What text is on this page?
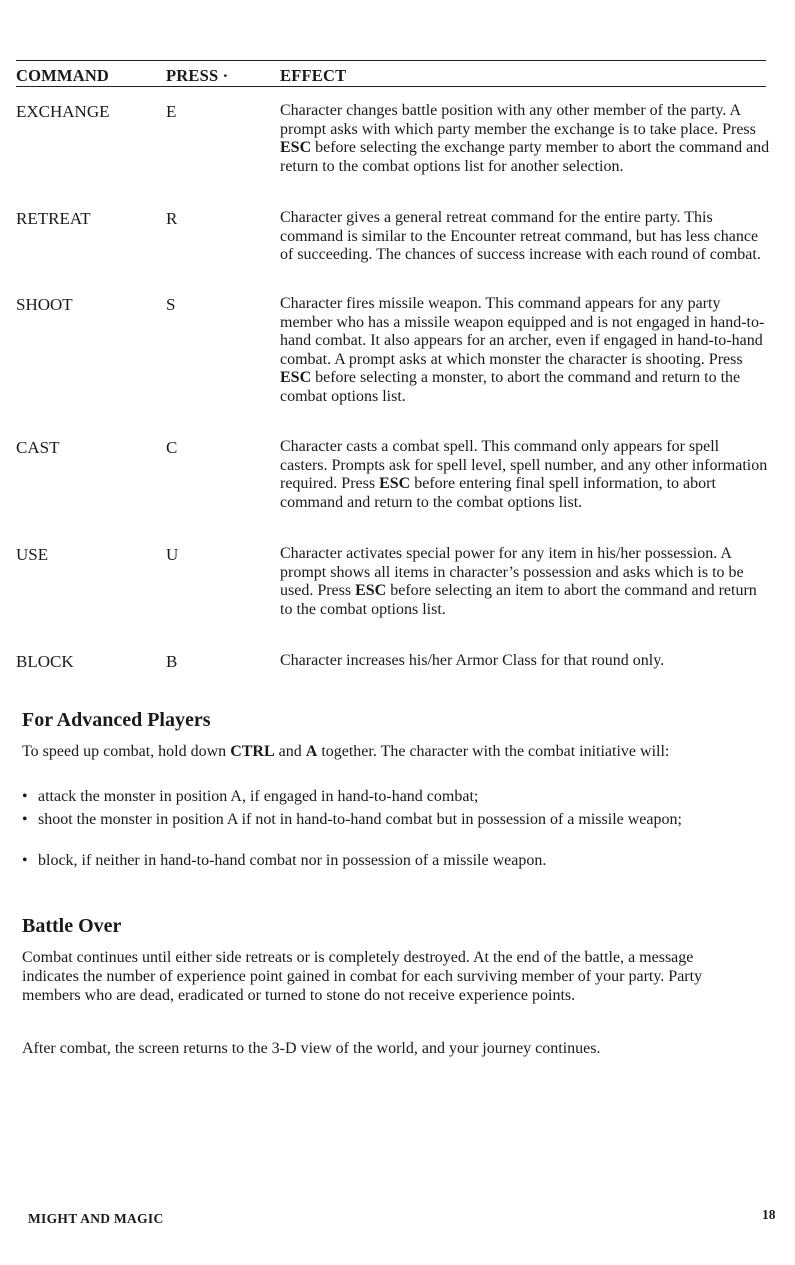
COMMAND	PRESS ·	EFFECT
EXCHANGE	E	Character changes battle position with any other member of the party. A prompt asks with which party member the exchange is to take place. Press ESC before selecting the exchange party member to abort the command and return to the combat options list for another selection.
RETREAT	R	Character gives a general retreat command for the entire party. This command is similar to the Encounter retreat command, but has less chance of succeeding. The chances of success increase with each round of combat.
SHOOT	S	Character fires missile weapon. This command appears for any party member who has a missile weapon equipped and is not engaged in hand-to-hand combat. It also appears for an archer, even if engaged in hand-to-hand combat. A prompt asks at which monster the character is shooting. Press ESC before selecting a monster, to abort the command and return to the combat options list.
CAST	C	Character casts a combat spell. This command only appears for spell casters. Prompts ask for spell level, spell number, and any other information required. Press ESC before entering final spell information, to abort command and return to the combat options list.
USE	U	Character activates special power for any item in his/her possession. A prompt shows all items in character’s possession and asks which is to be used. Press ESC before selecting an item to abort the command and return to the combat options list.
BLOCK	B	Character increases his/her Armor Class for that round only.
For Advanced Players
To speed up combat, hold down CTRL and A together. The character with the combat initiative will:
• attack the monster in position A, if engaged in hand-to-hand combat;
• shoot the monster in position A if not in hand-to-hand combat but in possession of a missile weapon;
• block, if neither in hand-to-hand combat nor in possession of a missile weapon.
Battle Over
Combat continues until either side retreats or is completely destroyed. At the end of the battle, a message indicates the number of experience point gained in combat for each surviving member of your party. Party members who are dead, eradicated or turned to stone do not receive experience points.
After combat, the screen returns to the 3-D view of the world, and your journey continues.
MIGHT AND MAGIC	18
